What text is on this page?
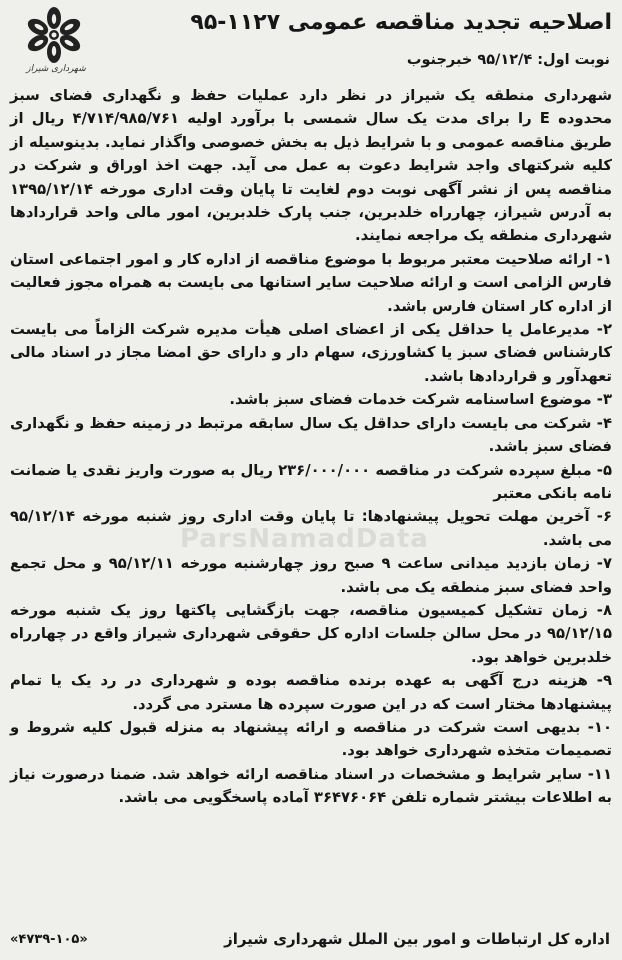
اصلاحیه تجدید مناقصه عمومی ۱۱۲۷-۹۵
شهرداری شیراز
نوبت اول: ۹۵/۱۲/۴ خبرجنوب
ParsNamadData

شهرداری منطقه یک شیراز در نظر دارد عملیات حفظ و نگهداری فضای سبز محدوده E را برای مدت یک سال شمسی با برآورد اولیه ۴/۷۱۴/۹۸۵/۷۶۱ ریال از طریق مناقصه عمومی و با شرایط ذیل به بخش خصوصی واگذار نماید. بدینوسیله از کلیه شرکتهای واجد شرایط دعوت به عمل می آید. جهت اخذ اوراق و شرکت در مناقصه پس از نشر آگهی نوبت دوم لغایت تا پایان وقت اداری مورخه ۱۳۹۵/۱۲/۱۴ به آدرس شیراز، چهارراه خلدبرین، جنب پارک خلدبرین، امور مالی واحد قراردادها شهرداری منطقه یک مراجعه نمایند.

۱- ارائه صلاحیت معتبر مربوط با موضوع مناقصه از اداره کار و امور اجتماعی استان فارس الزامی است و ارائه صلاحیت سایر استانها می بایست به همراه مجوز فعالیت از اداره کار استان فارس باشد.

۲- مدیرعامل یا حداقل یکی از اعضای اصلی هیأت مدیره شرکت الزاماً می بایست کارشناس فضای سبز یا کشاورزی، سهام دار و دارای حق امضا مجاز در اسناد مالی تعهدآور و قراردادها باشد.

۳- موضوع اساسنامه شرکت خدمات فضای سبز باشد.

۴- شرکت می بایست دارای حداقل یک سال سابقه مرتبط در زمینه حفظ و نگهداری فضای سبز باشد.

۵- مبلغ سپرده شرکت در مناقصه ۲۳۶/۰۰۰/۰۰۰ ریال به صورت واریز نقدی یا ضمانت نامه بانکی معتبر

۶- آخرین مهلت تحویل پیشنهادها: تا پایان وقت اداری روز شنبه مورخه ۹۵/۱۲/۱۴ می باشد.

۷- زمان بازدید میدانی ساعت ۹ صبح روز چهارشنبه مورخه ۹۵/۱۲/۱۱ و محل تجمع واحد فضای سبز منطقه یک می باشد.

۸- زمان تشکیل کمیسیون مناقصه، جهت بازگشایی پاکتها روز یک شنبه مورخه ۹۵/۱۲/۱۵ در محل سالن جلسات اداره کل حقوقی شهرداری شیراز واقع در چهارراه خلدبرین خواهد بود.

۹- هزینه درج آگهی به عهده برنده مناقصه بوده و شهرداری در رد یک یا تمام پیشنهادها مختار است که در این صورت سپرده ها مسترد می گردد.

۱۰- بدیهی است شرکت در مناقصه و ارائه پیشنهاد به منزله قبول کلیه شروط و تصمیمات متخذه شهرداری خواهد بود.

۱۱- سایر شرایط و مشخصات در اسناد مناقصه ارائه خواهد شد. ضمنا درصورت نیاز به اطلاعات بیشتر شماره تلفن ۳۶۴۷۶۰۶۴ آماده پاسخگویی می باشد.

اداره کل ارتباطات و امور بین الملل شهرداری شیراز
«۴۷۳۹-۱۰۵»
